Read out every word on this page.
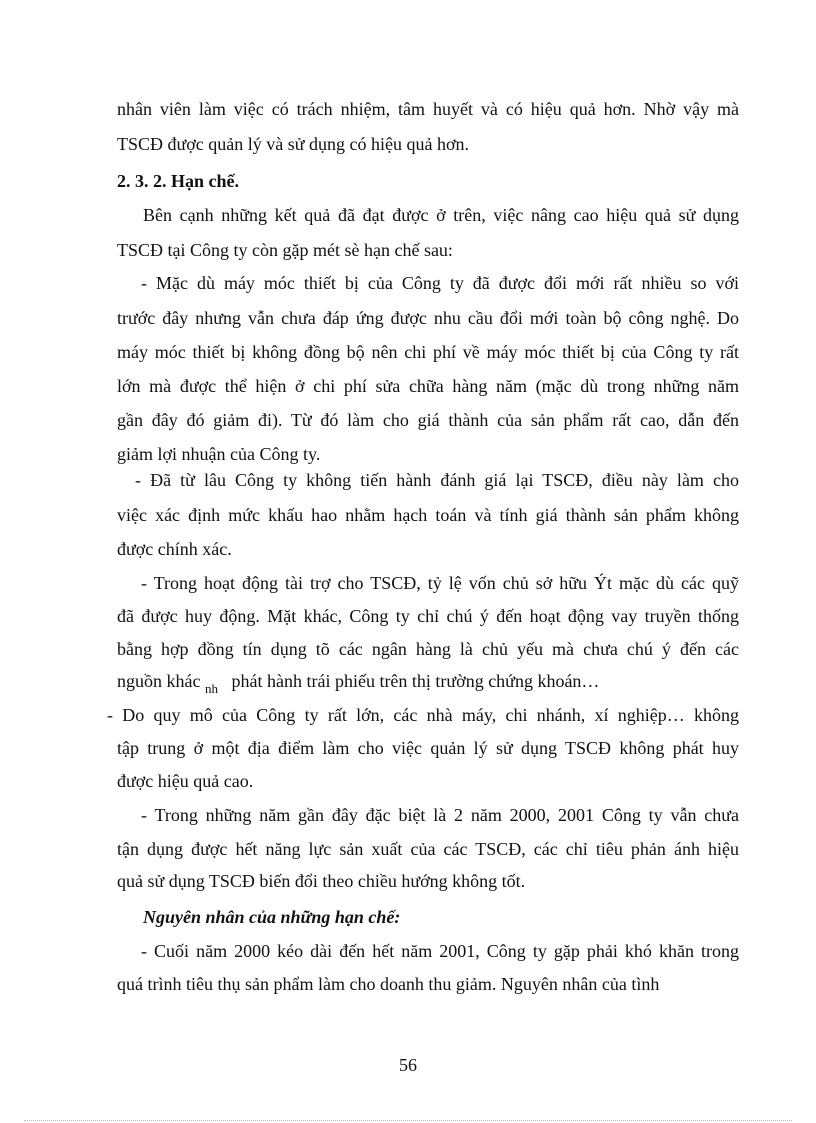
nhân viên làm việc có trách nhiệm, tâm huyết và có hiệu quả hơn. Nhờ vậy mà
TSCĐ được quản lý và sử dụng có hiệu quả hơn.
2. 3. 2. Hạn chế.
Bên cạnh những kết quả đã đạt được ở trên, việc nâng cao hiệu quả sử dụng
TSCĐ tại Công ty còn gặp mét sè hạn chế sau:
- Mặc dù máy móc thiết bị của Công ty đã được đổi mới rất nhiều so với
trước đây nhưng vẫn chưa đáp ứng được nhu cầu đổi mới toàn bộ công nghệ. Do
máy móc thiết bị không đồng bộ nên chi phí về máy móc thiết bị của Công ty rất
lớn mà được thể hiện ở chi phí sửa chữa hàng năm (mặc dù trong những năm
gần đây đó giảm đi). Từ đó làm cho giá thành của sản phẩm rất cao, dẫn đến
giảm lợi nhuận của Công ty.
- Đã từ lâu Công ty không tiến hành đánh giá lại TSCĐ, điều này làm cho
việc xác định mức khấu hao nhằm hạch toán và tính giá thành sản phẩm không
được chính xác.
- Trong hoạt động tài trợ cho TSCĐ, tỷ lệ vốn chủ sở hữu Ýt mặc dù các quỹ
đã được huy động. Mặt khác, Công ty chỉ chú ý đến hoạt động vay truyền thống
bằng hợp đồng tín dụng tõ các ngân hàng là chủ yếu mà chưa chú ý đến các
nguồn khác $_{nh}$ phát hành trái phiếu trên thị trường chứng khoán…
- Do quy mô của Công ty rất lớn, các nhà máy, chi nhánh, xí nghiệp… không
tập trung ở một địa điểm làm cho việc quản lý sử dụng TSCĐ không phát huy
được hiệu quả cao.
- Trong những năm gần đây đặc biệt là 2 năm 2000, 2001 Công ty vẫn chưa
tận dụng được hết năng lực sản xuất của các TSCĐ, các chỉ tiêu phản ánh hiệu
quả sử dụng TSCĐ biến đổi theo chiều hướng không tốt.
Nguyên nhân của những hạn chế:
- Cuối năm 2000 kéo dài đến hết năm 2001, Công ty gặp phải khó khăn trong
quá trình tiêu thụ sản phẩm làm cho doanh thu giảm. Nguyên nhân của tình
56
